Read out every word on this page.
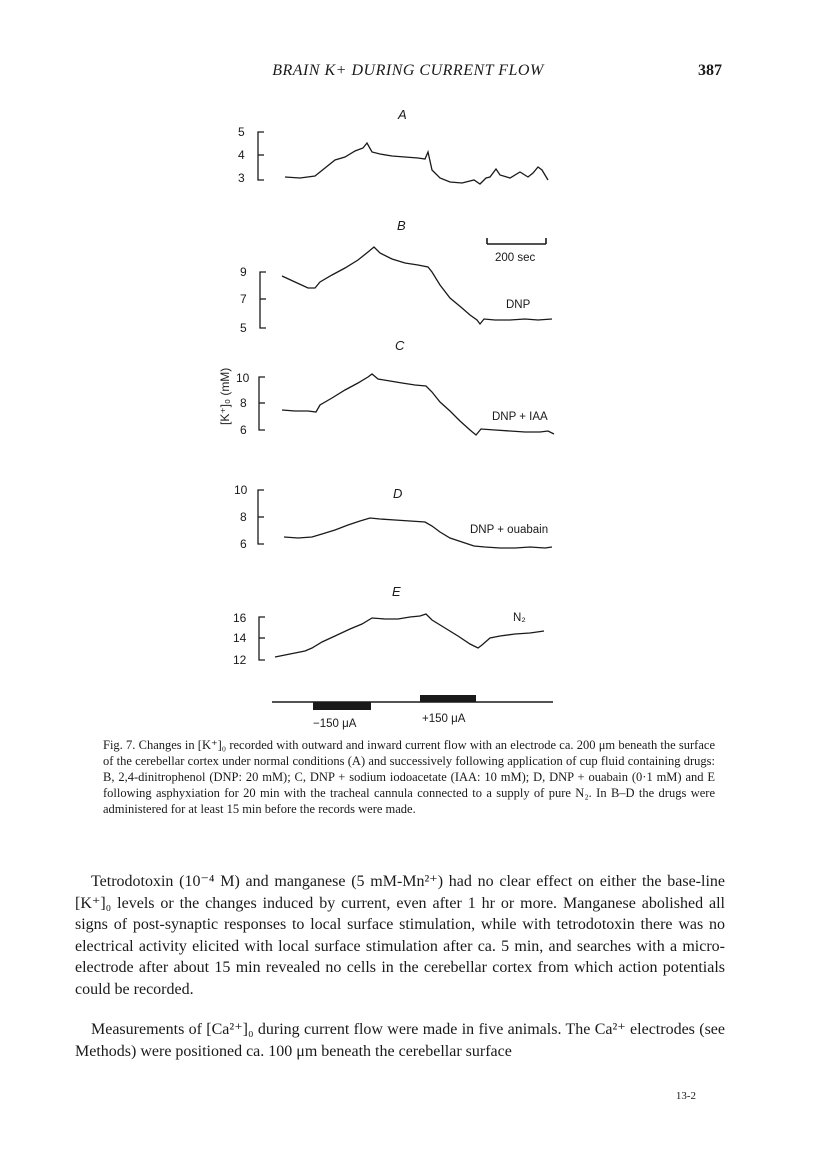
BRAIN K+ DURING CURRENT FLOW	387
A
5
4
3
B
200 sec
9
7
5
DNP
C
[K⁺]₀ (mM) 10
8
6
DNP + IAA
D
10
8
6
DNP + ouabain
E
16
14
12
N₂
−150 μA	+150 μA
Fig. 7. Changes in [K⁺]₀ recorded with outward and inward current flow with an electrode ca. 200 μm beneath the surface of the cerebellar cortex under normal conditions (A) and successively following application of cup fluid containing drugs: B, 2,4-dinitrophenol (DNP: 20 mM); C, DNP + sodium iodoacetate (IAA: 10 mM); D, DNP + ouabain (0·1 mM) and E following asphyxiation for 20 min with the tracheal cannula connected to a supply of pure N₂. In B–D the drugs were administered for at least 15 min before the records were made.
Tetrodotoxin (10⁻⁴ M) and manganese (5 mM-Mn²⁺) had no clear effect on either the base-line [K⁺]₀ levels or the changes induced by current, even after 1 hr or more. Manganese abolished all signs of post-synaptic responses to local surface stimulation, while with tetrodotoxin there was no electrical activity elicited with local surface stimulation after ca. 5 min, and searches with a micro-electrode after about 15 min revealed no cells in the cerebellar cortex from which action potentials could be recorded.
Measurements of [Ca²⁺]₀ during current flow were made in five animals. The Ca²⁺ electrodes (see Methods) were positioned ca. 100 μm beneath the cerebellar surface
13-2
